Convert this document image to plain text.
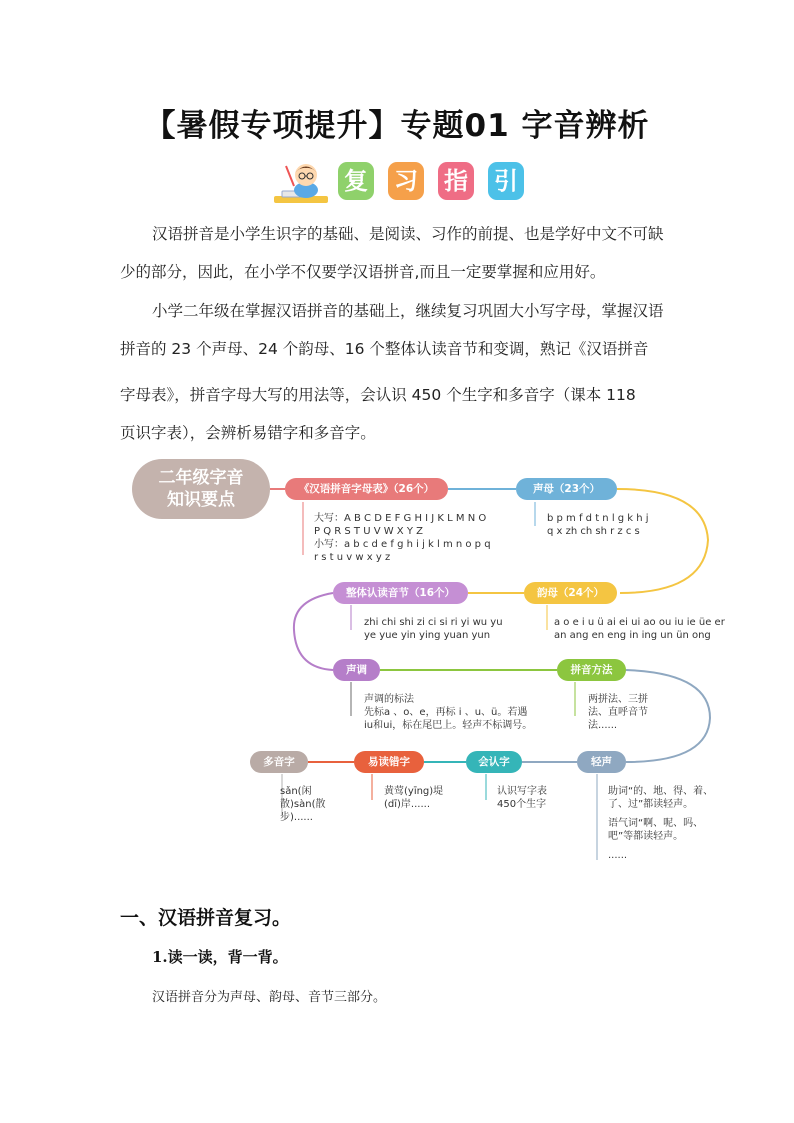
【暑假专项提升】专题01 字音辨析
复 习 指 引
汉语拼音是小学生识字的基础、是阅读、习作的前提、也是学好中文不可缺
少的部分，因此，在小学不仅要学汉语拼音,而且一定要掌握和应用好。
小学二年级在掌握汉语拼音的基础上，继续复习巩固大小写字母，掌握汉语
拼音的 23 个声母、24 个韵母、16 个整体认读音节和变调，熟记《汉语拼音
字母表》，拼音字母大写的用法等，会认识 450 个生字和多音字（课本 118
页识字表），会辨析易错字和多音字。
二年级字音
知识要点
《汉语拼音字母表》（26个）
大写：A B C D E F G H I J K L M N O
P Q R S T U V W X Y Z
小写：a b c d e f g h i j k l m n o p q
r s t u v w x y z
声母（23个）
b p m f d t n l g k h j
q x zh ch sh r z c s
韵母（24个）
a o e i u ü ai ei ui ao ou iu ie üe er
an ang en eng in ing un ün ong
整体认读音节（16个）
zhi chi shi zi ci si ri yi wu yu
ye yue yin ying yuan yun
声调
声调的标法
先标a 、o、e，再标 i 、u、ü。若遇
iu和ui，标在尾巴上。轻声不标调号。
拼音方法
两拼法、三拼
法、直呼音节
法......
轻声
助词“的、地、得、着、
了、过”都读轻声。
语气词“啊、呢、吗、
吧”等都读轻声。
......
会认字
认识写字表
450个生字
易读错字
黄莺(yīng)堤
(dī)岸......
多音字
sǎn(闲
散)sàn(散
步)......
一、汉语拼音复习。
1.读一读，背一背。
汉语拼音分为声母、韵母、音节三部分。
